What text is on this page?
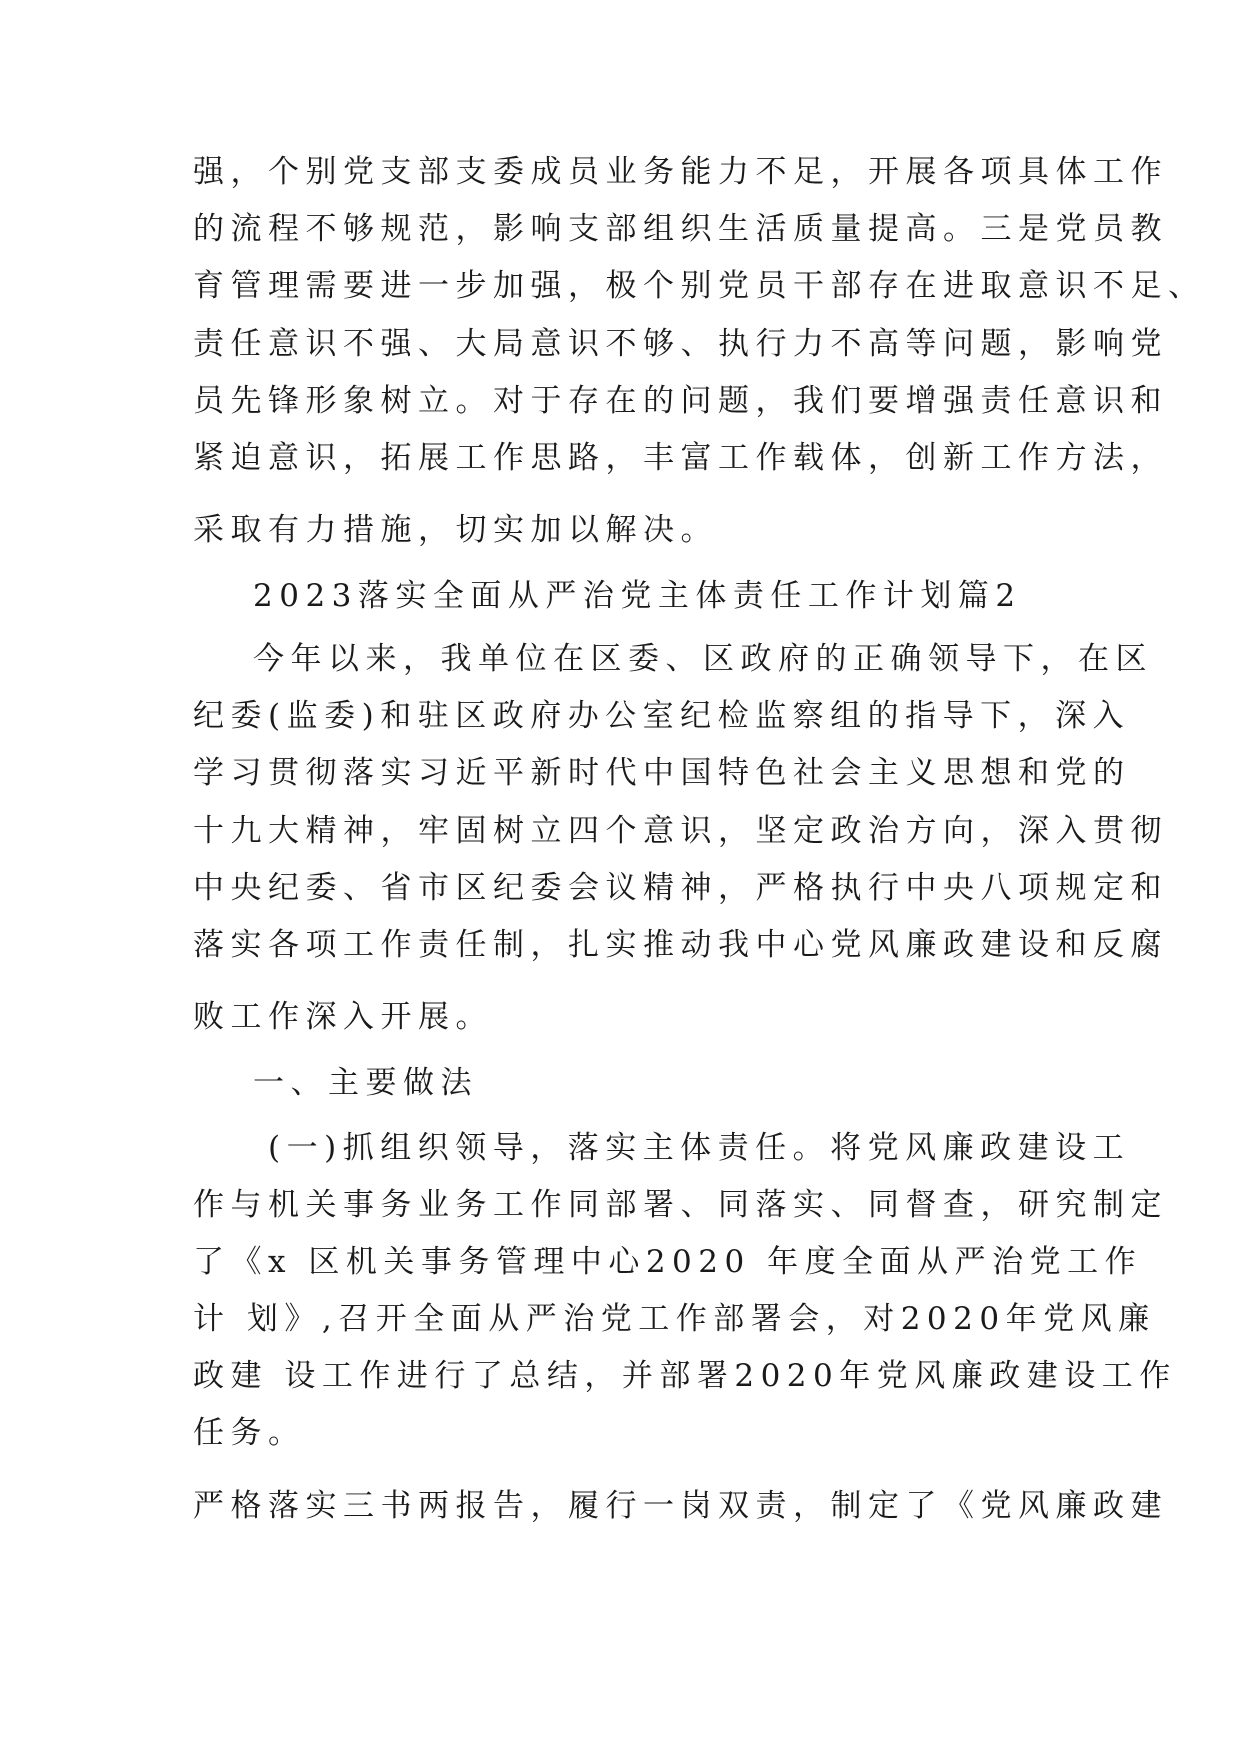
强，个别党支部支委成员业务能力不足，开展各项具体工作

的流程不够规范，影响支部组织生活质量提高。三是党员教

育管理需要进一步加强，极个别党员干部存在进取意识不足、

责任意识不强、大局意识不够、执行力不高等问题，影响党

员先锋形象树立。对于存在的问题，我们要增强责任意识和

紧迫意识，拓展工作思路，丰富工作载体，创新工作方法，

采取有力措施，切实加以解决。

2023落实全面从严治党主体责任工作计划篇2

今年以来，我单位在区委、区政府的正确领导下，在区

纪委(监委)和驻区政府办公室纪检监察组的指导下，深入

学习贯彻落实习近平新时代中国特色社会主义思想和党的

十九大精神，牢固树立四个意识，坚定政治方向，深入贯彻

中央纪委、省市区纪委会议精神，严格执行中央八项规定和

落实各项工作责任制，扎实推动我中心党风廉政建设和反腐

败工作深入开展。

一、主要做法

(一)抓组织领导，落实主体责任。将党风廉政建设工

作与机关事务业务工作同部署、同落实、同督查，研究制定

了《x 区机关事务管理中心2020 年度全面从严治党工作

计 划》,召开全面从严治党工作部署会，对2020年党风廉

政建 设工作进行了总结，并部署2020年党风廉政建设工作

任务。

严格落实三书两报告，履行一岗双责，制定了《党风廉政建
